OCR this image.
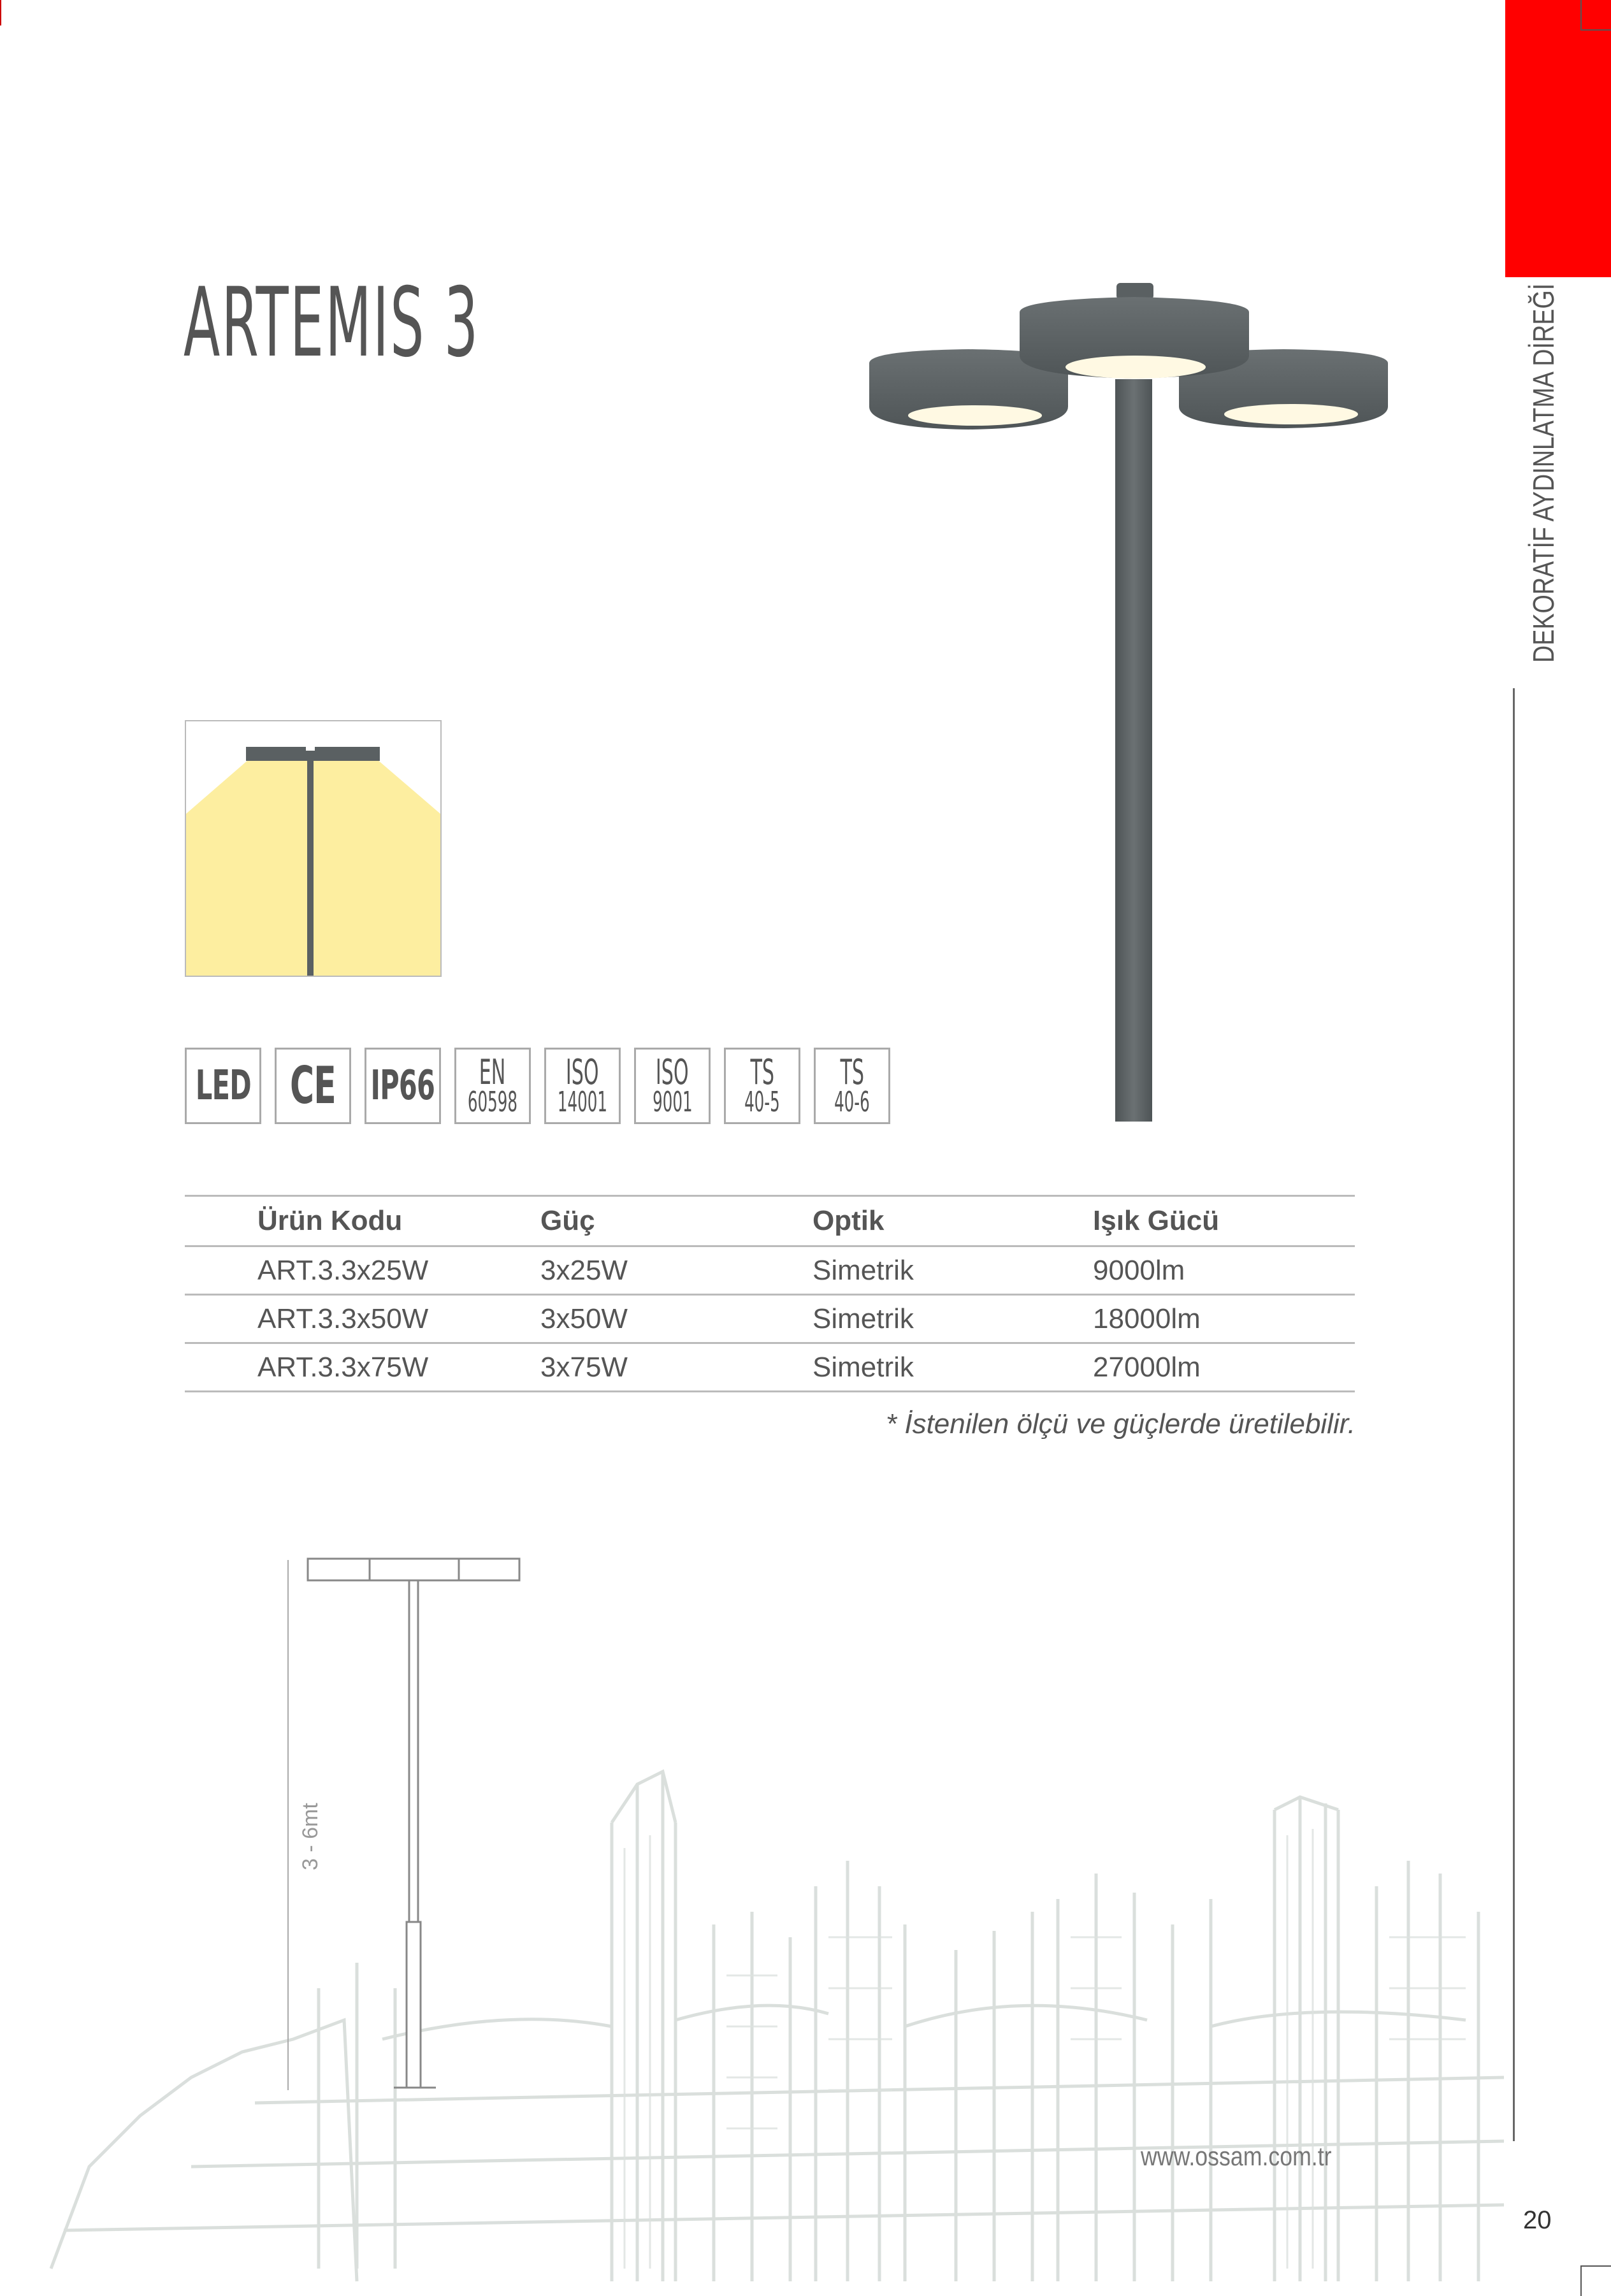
DEKORATİF AYDINLATMA DİREĞİ
20
ARTEMIS 3
LED CE IP66 EN
60598
ISO
14001
ISO
9001
TS
40-5
TS
40-6
Ürün Kodu	Güç	Optik	Işık Gücü
ART.3.3x25W	3x25W	Simetrik	9000lm
ART.3.3x50W	3x50W	Simetrik	18000lm
ART.3.3x75W	3x75W	Simetrik	27000lm
* İstenilen ölçü ve güçlerde üretilebilir.
3 - 6mt
www.ossam.com.tr
